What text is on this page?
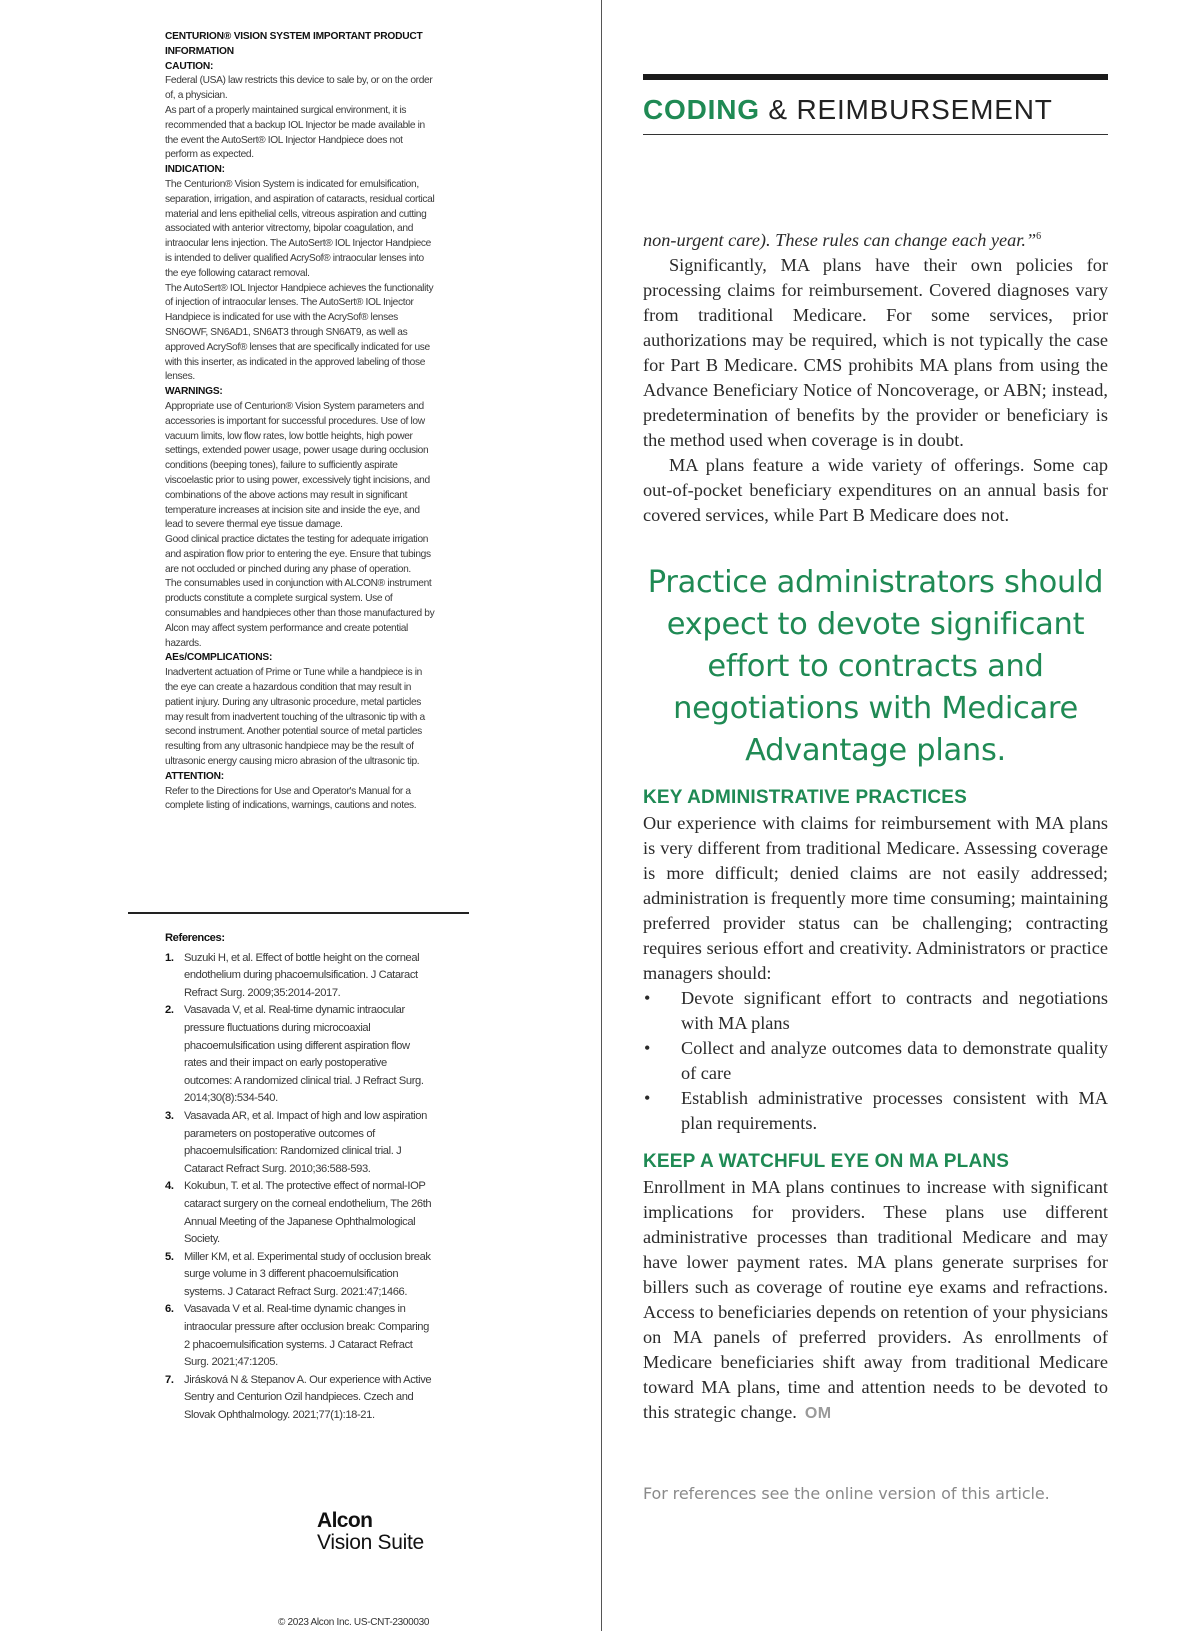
CENTURION® VISION SYSTEM IMPORTANT PRODUCT INFORMATION

CAUTION:

Federal (USA) law restricts this device to sale by, or on the order of, a physician.

As part of a properly maintained surgical environment, it is recommended that a backup IOL Injector be made available in the event the AutoSert® IOL Injector Handpiece does not perform as expected.

INDICATION:

The Centurion® Vision System is indicated for emulsification, separation, irrigation, and aspiration of cataracts, residual cortical material and lens epithelial cells, vitreous aspiration and cutting associated with anterior vitrectomy, bipolar coagulation, and intraocular lens injection. The AutoSert® IOL Injector Handpiece is intended to deliver qualified AcrySof® intraocular lenses into the eye following cataract removal.

The AutoSert® IOL Injector Handpiece achieves the functionality of injection of intraocular lenses. The AutoSert® IOL Injector Handpiece is indicated for use with the AcrySof® lenses SN6OWF, SN6AD1, SN6AT3 through SN6AT9, as well as approved AcrySof® lenses that are specifically indicated for use with this inserter, as indicated in the approved labeling of those lenses.

WARNINGS:

Appropriate use of Centurion® Vision System parameters and accessories is important for successful procedures. Use of low vacuum limits, low flow rates, low bottle heights, high power settings, extended power usage, power usage during occlusion conditions (beeping tones), failure to sufficiently aspirate viscoelastic prior to using power, excessively tight incisions, and combinations of the above actions may result in significant temperature increases at incision site and inside the eye, and lead to severe thermal eye tissue damage.

Good clinical practice dictates the testing for adequate irrigation and aspiration flow prior to entering the eye. Ensure that tubings are not occluded or pinched during any phase of operation.

The consumables used in conjunction with ALCON® instrument products constitute a complete surgical system. Use of consumables and handpieces other than those manufactured by Alcon may affect system performance and create potential hazards.

AEs/COMPLICATIONS:

Inadvertent actuation of Prime or Tune while a handpiece is in the eye can create a hazardous condition that may result in patient injury. During any ultrasonic procedure, metal particles may result from inadvertent touching of the ultrasonic tip with a second instrument. Another potential source of metal particles resulting from any ultrasonic handpiece may be the result of ultrasonic energy causing micro abrasion of the ultrasonic tip.

ATTENTION:

Refer to the Directions for Use and Operator's Manual for a complete listing of indications, warnings, cautions and notes.

References:

1. Suzuki H, et al. Effect of bottle height on the corneal endothelium during phacoemulsification. J Cataract Refract Surg. 2009;35:2014-2017.
2. Vasavada V, et al. Real-time dynamic intraocular pressure fluctuations during microcoaxial phacoemulsification using different aspiration flow rates and their impact on early postoperative outcomes: A randomized clinical trial. J Refract Surg. 2014;30(8):534-540.
3. Vasavada AR, et al. Impact of high and low aspiration parameters on postoperative outcomes of phacoemulsification: Randomized clinical trial. J Cataract Refract Surg. 2010;36:588-593.
4. Kokubun, T. et al. The protective effect of normal-IOP cataract surgery on the corneal endothelium, The 26th Annual Meeting of the Japanese Ophthalmological Society.
5. Miller KM, et al. Experimental study of occlusion break surge volume in 3 different phacoemulsification systems. J Cataract Refract Surg. 2021:47;1466.
6. Vasavada V et al. Real-time dynamic changes in intraocular pressure after occlusion break: Comparing 2 phacoemulsification systems. J Cataract Refract Surg. 2021;47:1205.
7. Jirásková N & Stepanov A. Our experience with Active Sentry and Centurion Ozil handpieces. Czech and Slovak Ophthalmology. 2021;77(1):18-21.
Alcon
Vision Suite
© 2023 Alcon Inc. US-CNT-2300030
CODING & REIMBURSEMENT

non-urgent care). These rules can change each year.”$^6$

Significantly, MA plans have their own policies for processing claims for reimbursement. Covered diagnoses vary from traditional Medicare. For some services, prior authorizations may be required, which is not typically the case for Part B Medicare. CMS prohibits MA plans from using the Advance Beneficiary Notice of Noncoverage, or ABN; instead, predetermination of benefits by the provider or beneficiary is the method used when coverage is in doubt.

MA plans feature a wide variety of offerings. Some cap out-of-pocket beneficiary expenditures on an annual basis for covered services, while Part B Medicare does not.

Practice administrators should expect to devote significant effort to contracts and negotiations with Medicare Advantage plans.
KEY ADMINISTRATIVE PRACTICES

Our experience with claims for reimbursement with MA plans is very different from traditional Medicare. Assessing coverage is more difficult; denied claims are not easily addressed; administration is frequently more time consuming; maintaining preferred provider status can be challenging; contracting requires serious effort and creativity. Administrators or practice managers should:

• Devote significant effort to contracts and negotiations with MA plans
• Collect and analyze outcomes data to demonstrate quality of care
• Establish administrative processes consistent with MA plan requirements.
KEEP A WATCHFUL EYE ON MA PLANS

Enrollment in MA plans continues to increase with significant implications for providers. These plans use different administrative processes than traditional Medicare and may have lower payment rates. MA plans generate surprises for billers such as coverage of routine eye exams and refractions. Access to beneficiaries depends on retention of your physicians on MA panels of preferred providers. As enrollments of Medicare beneficiaries shift away from traditional Medicare toward MA plans, time and attention needs to be devoted to this strategic change. OM

For references see the online version of this article.
